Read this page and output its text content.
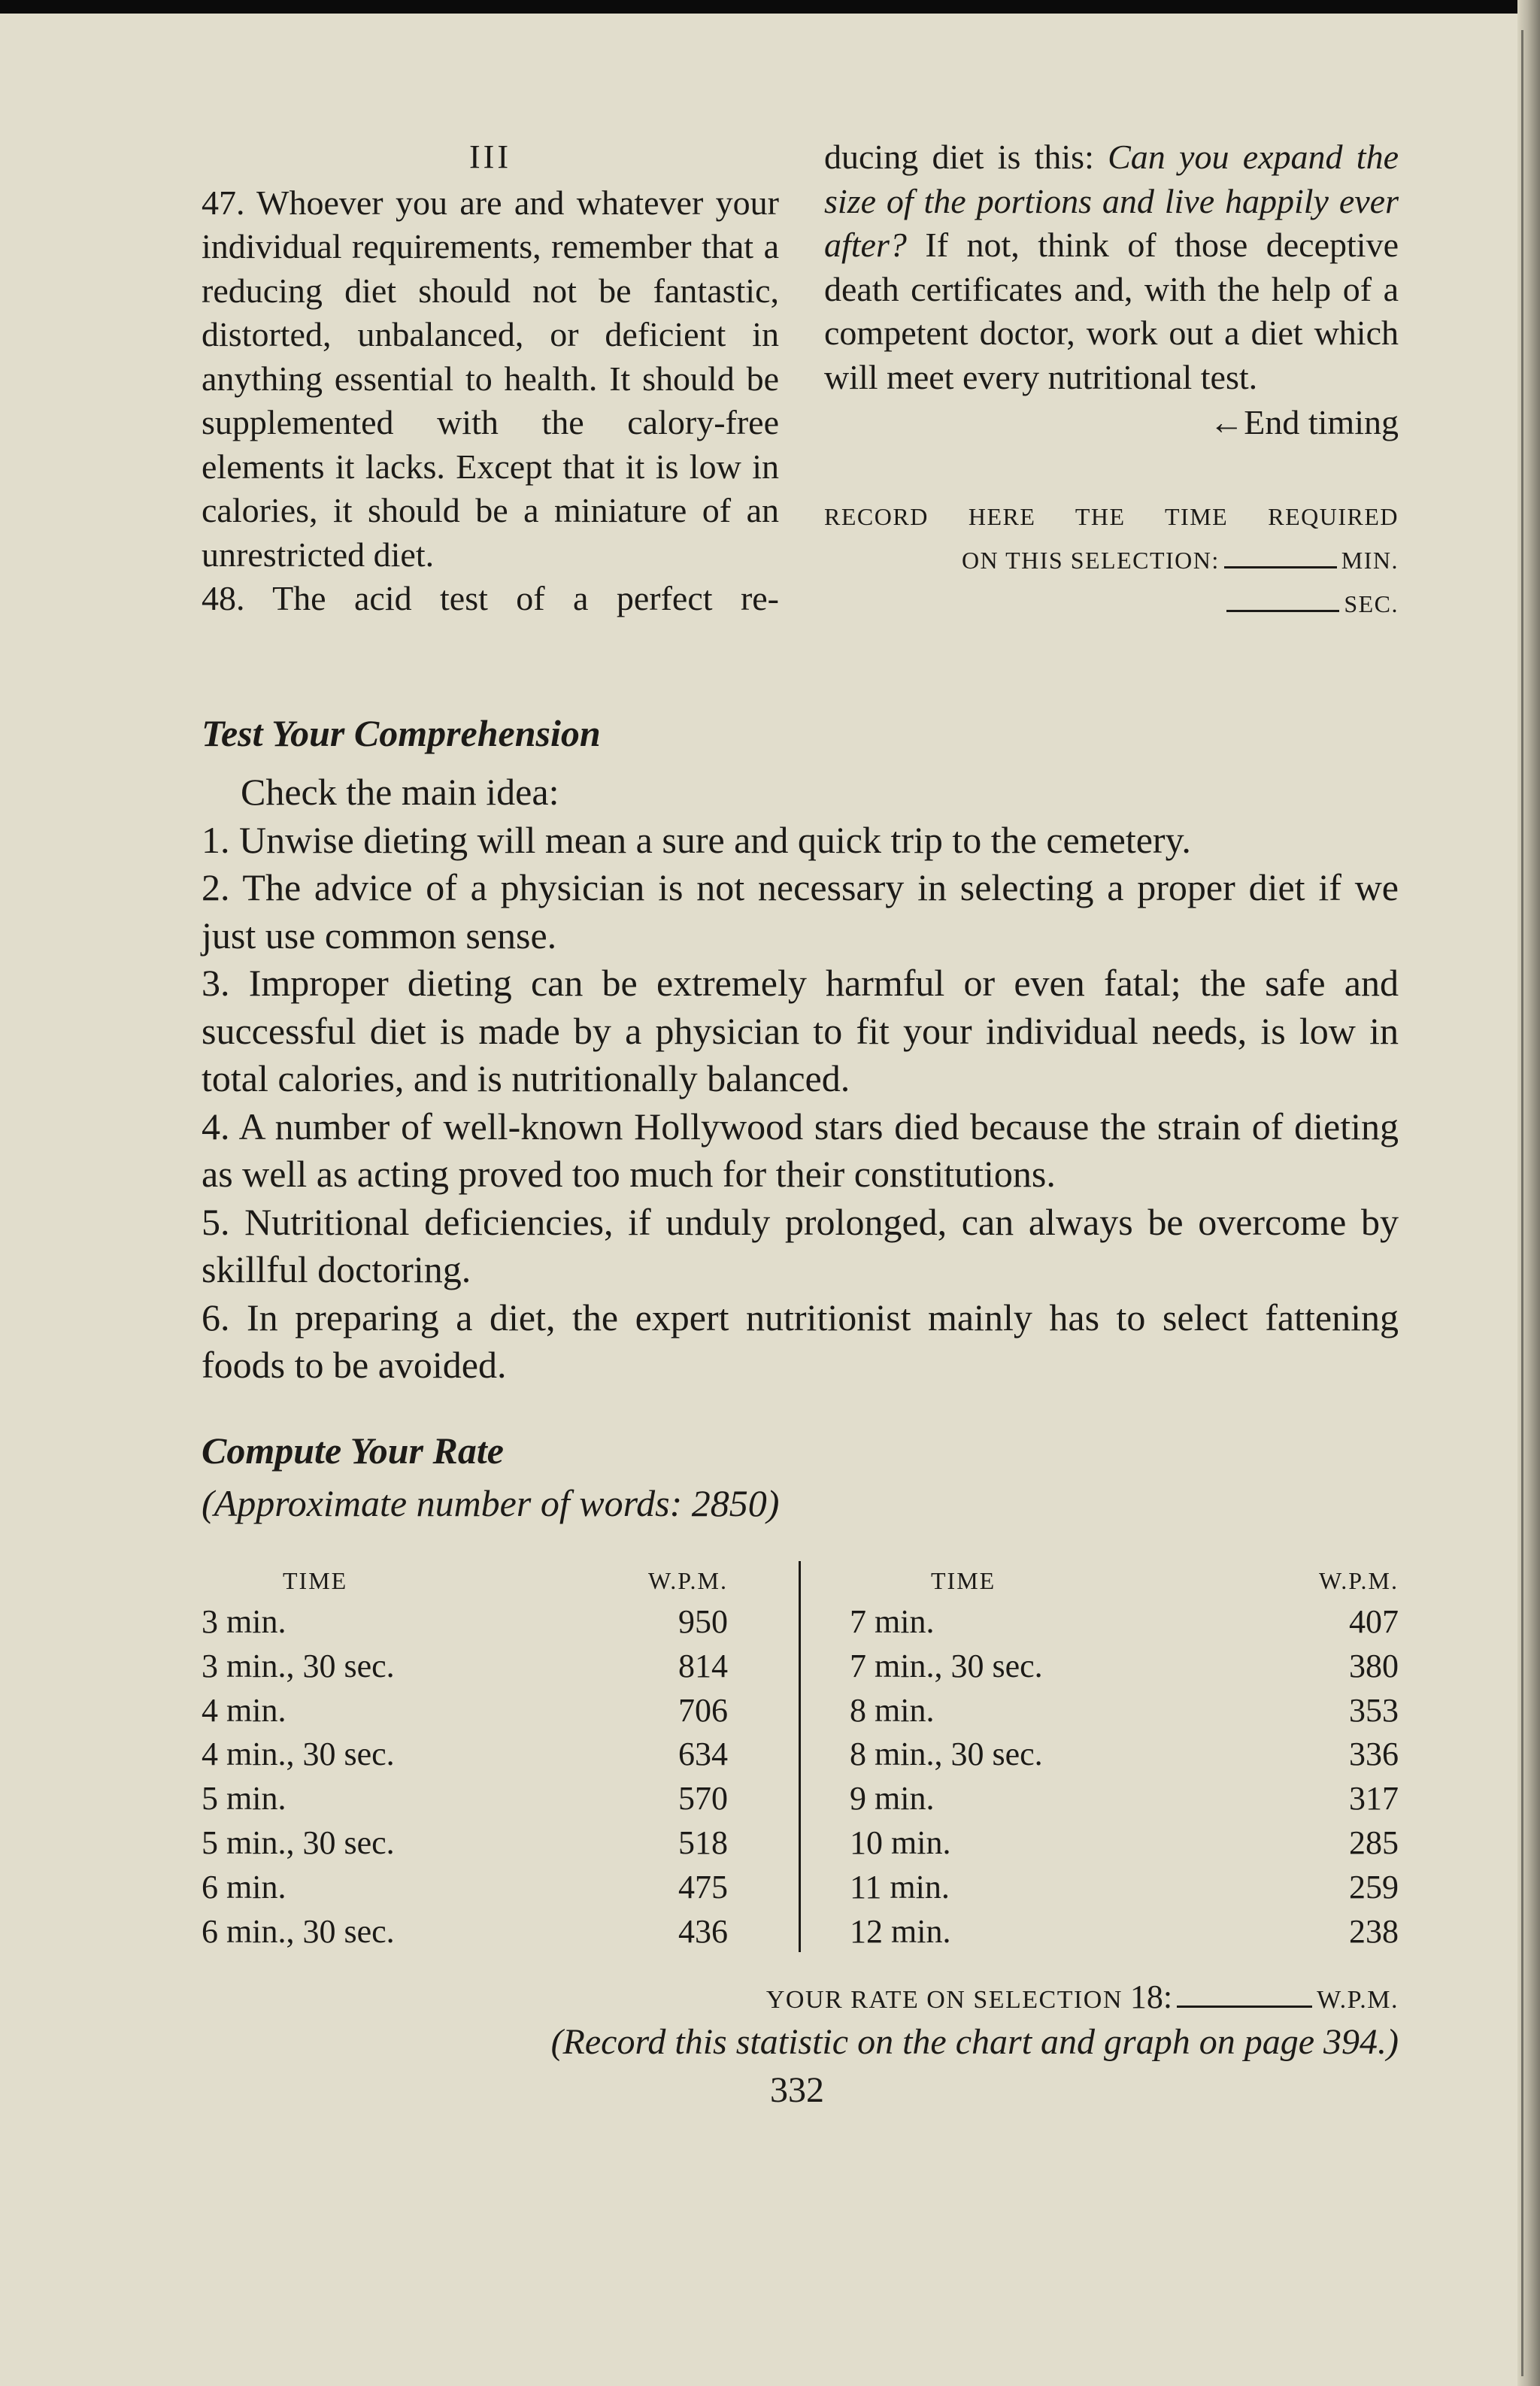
III

47. Whoever you are and whatever your individual requirements, remember that a reducing diet should not be fantastic, distorted, unbalanced, or deficient in anything essential to health. It should be supplemented with the calory-free elements it lacks. Except that it is low in calories, it should be a miniature of an unrestricted diet.

48. The acid test of a perfect re-

ducing diet is this: Can you expand the size of the portions and live happily ever after? If not, think of those deceptive death certificates and, with the help of a competent doctor, work out a diet which will meet every nutritional test.

←End timing
RECORD HERE THE TIME REQUIRED
ON THIS SELECTION:	MIN.
SEC.
Test Your Comprehension

Check the main idea:

1. Unwise dieting will mean a sure and quick trip to the cemetery.

2. The advice of a physician is not necessary in selecting a proper diet if we just use common sense.

3. Improper dieting can be extremely harmful or even fatal; the safe and successful diet is made by a physician to fit your individual needs, is low in total calories, and is nutritionally balanced.

4. A number of well-known Hollywood stars died because the strain of dieting as well as acting proved too much for their constitutions.

5. Nutritional deficiencies, if unduly prolonged, can always be overcome by skillful doctoring.

6. In preparing a diet, the expert nutritionist mainly has to select fattening foods to be avoided.

Compute Your Rate
(Approximate number of words: 2850)
TIME	W.P.M.
3 min.	950
3 min., 30 sec.	814
4 min.	706
4 min., 30 sec.	634
5 min.	570
5 min., 30 sec.	518
6 min.	475
6 min., 30 sec.	436
TIME	W.P.M.
7 min.	407
7 min., 30 sec.	380
8 min.	353
8 min., 30 sec.	336
9 min.	317
10 min.	285
11 min.	259
12 min.	238
YOUR RATE ON SELECTION 18:	W.P.M.
(Record this statistic on the chart and graph on page 394.)
332
